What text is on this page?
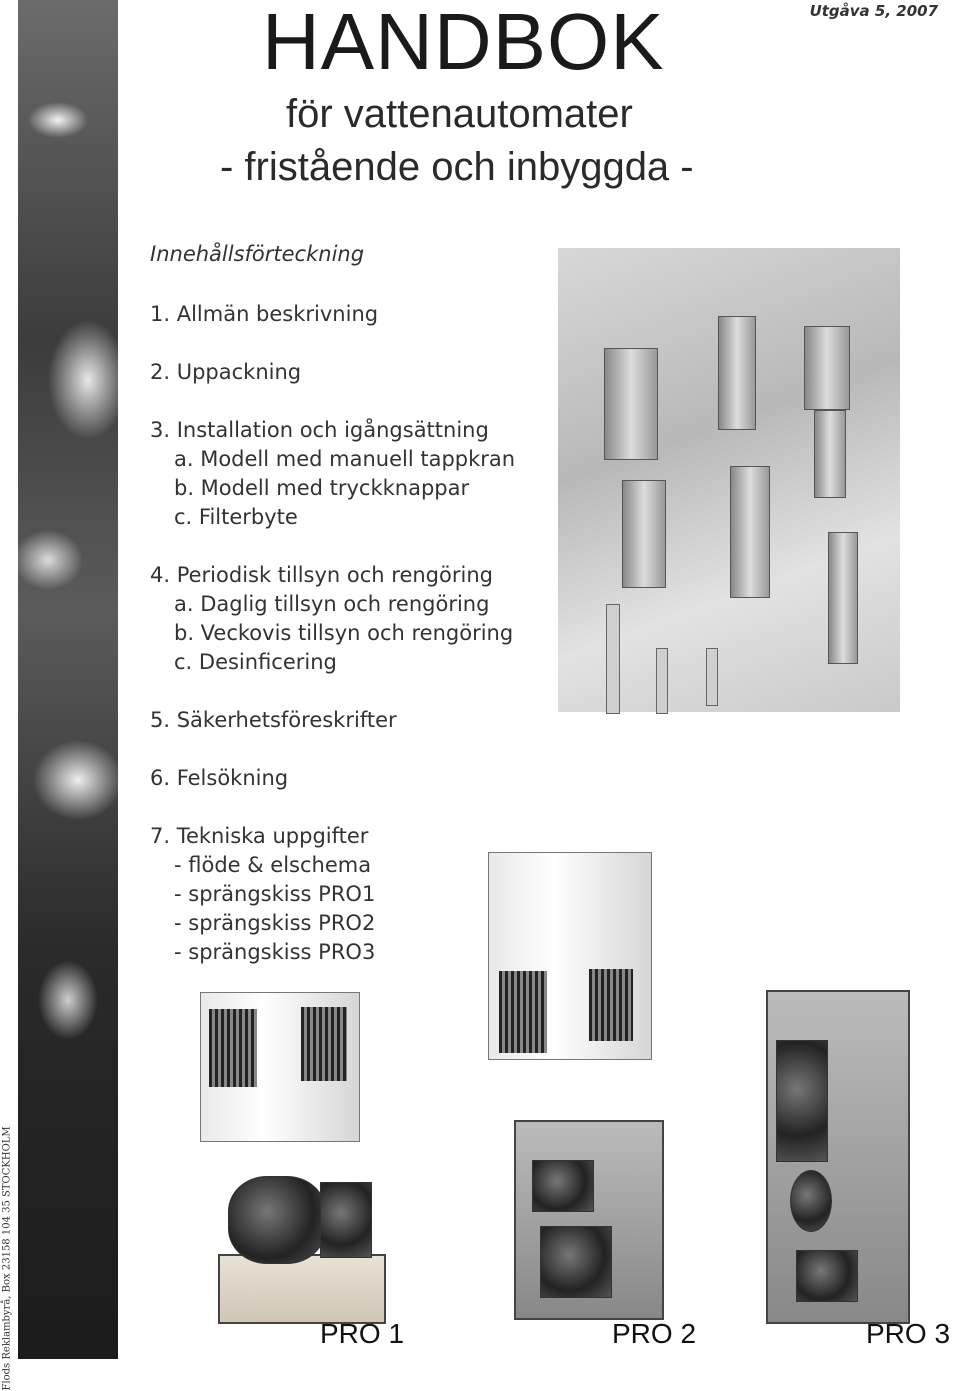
Flods Reklambyrå, Box 23158 104 35 STOCKHOLM
Utgåva 5, 2007
HANDBOK
för vattenautomater
- fristående och inbyggda -
Innehållsförteckning
1. Allmän beskrivning
2. Uppackning
3. Installation och igångsättning
a. Modell med manuell tappkran
b. Modell med tryckknappar
c. Filterbyte
4. Periodisk tillsyn och rengöring
a. Daglig tillsyn och rengöring
b. Veckovis tillsyn och rengöring
c. Desinficering
5. Säkerhetsföreskrifter
6. Felsökning
7. Tekniska uppgifter
- flöde & elschema
- sprängskiss PRO1
- sprängskiss PRO2
- sprängskiss PRO3
PRO 1	PRO 2	PRO 3
